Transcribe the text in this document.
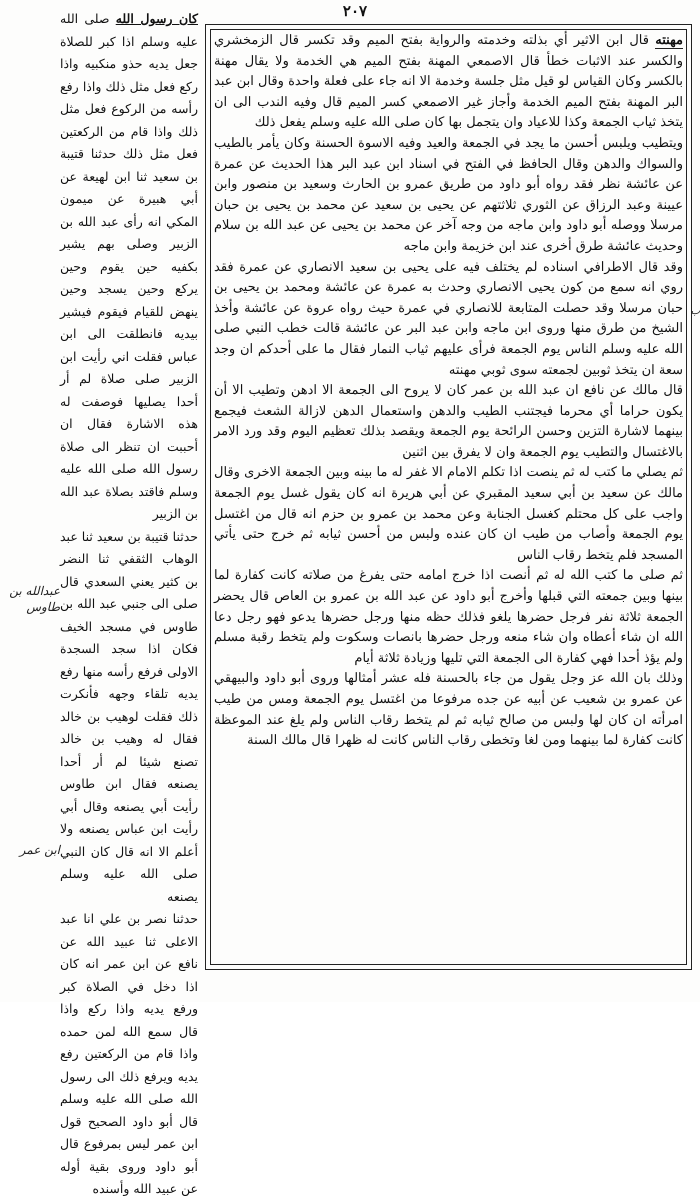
٢٠٧

كان رسول الله صلى الله عليه وسلم اذا كبر للصلاة جعل يديه حذو منكبيه واذا ركع فعل مثل ذلك واذا رفع رأسه من الركوع فعل مثل ذلك واذا قام من الركعتين فعل مثل ذلك حدثنا قتيبة بن سعيد ثنا ابن لهيعة عن أبي هبيرة عن ميمون المكي انه رأى عبد الله بن الزبير وصلى بهم يشير بكفيه حين يقوم وحين يركع وحين يسجد وحين ينهض للقيام فيقوم فيشير بيديه فانطلقت الى ابن عباس فقلت اني رأيت ابن الزبير صلى صلاة لم أر أحدا يصليها فوصفت له هذه الاشارة فقال ان أحببت ان تنظر الى صلاة رسول الله صلى الله عليه وسلم فاقتد بصلاة عبد الله بن الزبير

حدثنا قتيبة بن سعيد ثنا عبد الوهاب الثقفي ثنا النضر بن كثير يعني السعدي قال صلى الى جنبي عبد الله بن طاوس في مسجد الخيف فكان اذا سجد السجدة الاولى فرفع رأسه منها رفع يديه تلقاء وجهه فأنكرت ذلك فقلت لوهيب بن خالد فقال له وهيب بن خالد تصنع شيئا لم أر أحدا يصنعه فقال ابن طاوس رأيت أبي يصنعه وقال أبي رأيت ابن عباس يصنعه ولا أعلم الا انه قال كان النبي صلى الله عليه وسلم يصنعه

حدثنا نصر بن علي انا عبد الاعلى ثنا عبيد الله عن نافع عن ابن عمر انه كان اذا دخل في الصلاة كبر ورفع يديه واذا ركع واذا قال سمع الله لمن حمده واذا قام من الركعتين رفع يديه ويرفع ذلك الى رسول الله صلى الله عليه وسلم قال أبو داود الصحيح قول ابن عمر ليس بمرفوع قال أبو داود وروى بقية أوله عن عبيد الله وأسنده

عبدالله بن طاوس
ابن عمر
ب

مهنته قال ابن الاثير أي بذلته وخدمته والرواية بفتح الميم وقد تكسر قال الزمخشري والكسر عند الاثبات خطأ قال الاصمعي المهنة بفتح الميم هي الخدمة ولا يقال مهنة بالكسر وكان القياس لو قيل مثل جلسة وخدمة الا انه جاء على فعلة واحدة وقال ابن عبد البر المهنة بفتح الميم الخدمة وأجاز غير الاصمعي كسر الميم قال وفيه الندب الى ان يتخذ ثياب الجمعة وكذا للاعياد وان يتجمل بها كان صلى الله عليه وسلم يفعل ذلك

ويتطيب ويلبس أحسن ما يجد في الجمعة والعيد وفيه الاسوة الحسنة وكان يأمر بالطيب والسواك والدهن وقال الحافظ في الفتح في اسناد ابن عبد البر هذا الحديث عن عمرة عن عائشة نظر فقد رواه أبو داود من طريق عمرو بن الحارث وسعيد بن منصور وابن عيينة وعبد الرزاق عن الثوري ثلاثتهم عن يحيى بن سعيد عن محمد بن يحيى بن حبان مرسلا ووصله أبو داود وابن ماجه من وجه آخر عن محمد بن يحيى عن عبد الله بن سلام وحديث عائشة طرق أخرى عند ابن خزيمة وابن ماجه

وقد قال الاطرافي اسناده لم يختلف فيه على يحيى بن سعيد الانصاري عن عمرة فقد روي انه سمع من كون يحيى الانصاري وحدث به عمرة عن عائشة ومحمد بن يحيى بن حبان مرسلا وقد حصلت المتابعة للانصاري في عمرة حيث رواه عروة عن عائشة وأخذ الشيخ من طرق منها وروى ابن ماجه وابن عبد البر عن عائشة قالت خطب النبي صلى الله عليه وسلم الناس يوم الجمعة فرأى عليهم ثياب النمار فقال ما على أحدكم ان وجد سعة ان يتخذ ثوبين لجمعته سوى ثوبي مهنته

قال مالك عن نافع ان عبد الله بن عمر كان لا يروح الى الجمعة الا ادهن وتطيب الا أن يكون حراما أي محرما فيجتنب الطيب والدهن واستعمال الدهن لازالة الشعث فيجمع بينهما لاشارة التزين وحسن الرائحة يوم الجمعة ويقصد بذلك تعظيم اليوم وقد ورد الامر بالاغتسال والتطيب يوم الجمعة وان لا يفرق بين اثنين

ثم يصلي ما كتب له ثم ينصت اذا تكلم الامام الا غفر له ما بينه وبين الجمعة الاخرى وقال مالك عن سعيد بن أبي سعيد المقبري عن أبي هريرة انه كان يقول غسل يوم الجمعة واجب على كل محتلم كغسل الجنابة وعن محمد بن عمرو بن حزم انه قال من اغتسل يوم الجمعة وأصاب من طيب ان كان عنده ولبس من أحسن ثيابه ثم خرج حتى يأتي المسجد فلم يتخط رقاب الناس

ثم صلى ما كتب الله له ثم أنصت اذا خرج امامه حتى يفرغ من صلاته كانت كفارة لما بينها وبين جمعته التي قبلها وأخرج أبو داود عن عبد الله بن عمرو بن العاص قال يحضر الجمعة ثلاثة نفر فرجل حضرها يلغو فذلك حظه منها ورجل حضرها يدعو فهو رجل دعا الله ان شاء أعطاه وان شاء منعه ورجل حضرها بانصات وسكوت ولم يتخط رقبة مسلم ولم يؤذ أحدا فهي كفارة الى الجمعة التي تليها وزيادة ثلاثة أيام

وذلك بان الله عز وجل يقول من جاء بالحسنة فله عشر أمثالها وروى أبو داود والبيهقي عن عمرو بن شعيب عن أبيه عن جده مرفوعا من اغتسل يوم الجمعة ومس من طيب امرأته ان كان لها ولبس من صالح ثيابه ثم لم يتخط رقاب الناس ولم يلغ عند الموعظة كانت كفارة لما بينهما ومن لغا وتخطى رقاب الناس كانت له ظهرا قال مالك السنة
